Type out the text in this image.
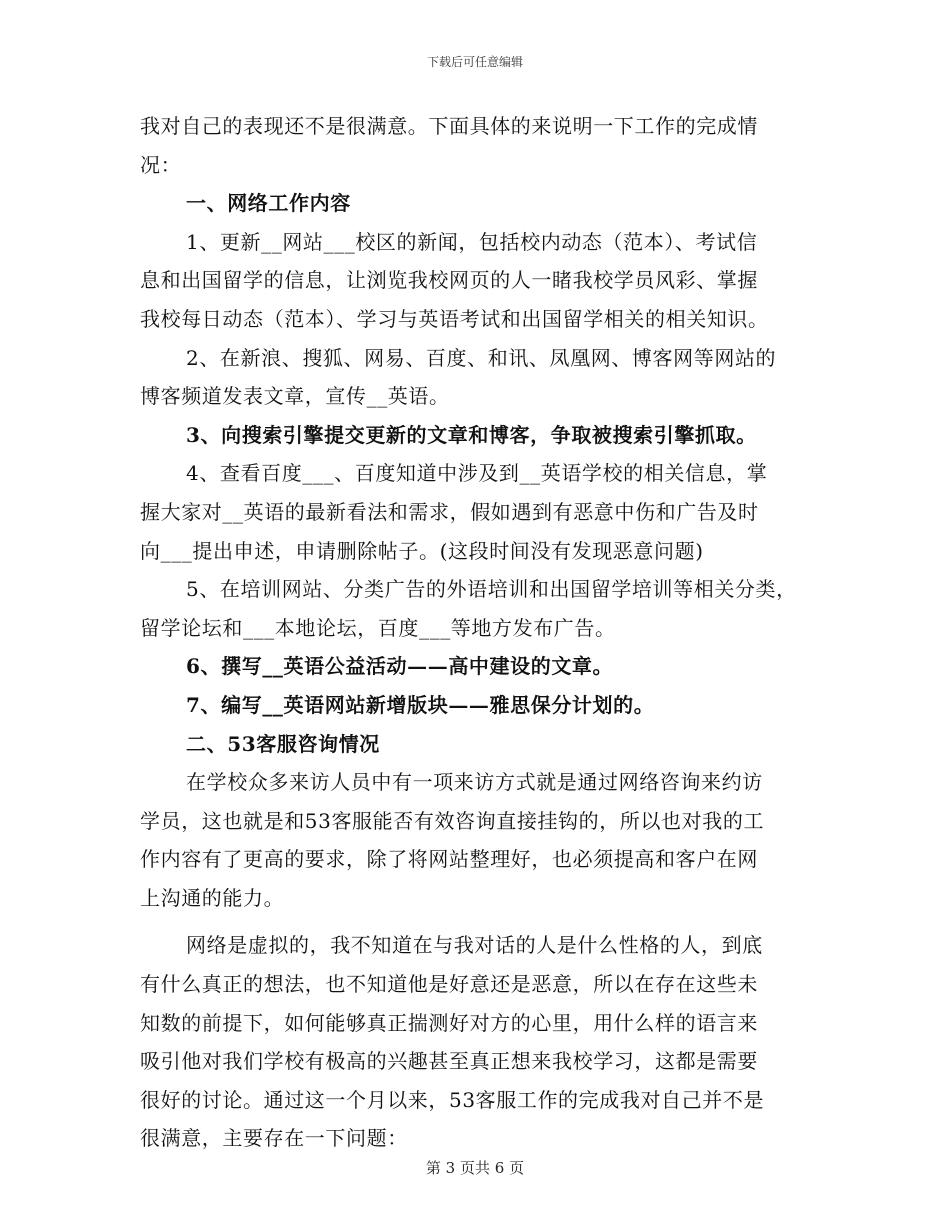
下载后可任意编辑
我对自己的表现还不是很满意。下面具体的来说明一下工作的完成情
况：
一、网络工作内容
1、更新__网站___校区的新闻，包括校内动态（范本）、考试信
息和出国留学的信息，让浏览我校网页的人一睹我校学员风彩、掌握
我校每日动态（范本）、学习与英语考试和出国留学相关的相关知识。
2、在新浪、搜狐、网易、百度、和讯、凤凰网、博客网等网站的
博客频道发表文章，宣传__英语。
3、向搜索引擎提交更新的文章和博客，争取被搜索引擎抓取。
4、查看百度___、百度知道中涉及到__英语学校的相关信息，掌
握大家对__英语的最新看法和需求，假如遇到有恶意中伤和广告及时
向___提出申述，申请删除帖子。(这段时间没有发现恶意问题)
5、在培训网站、分类广告的外语培训和出国留学培训等相关分类，
留学论坛和___本地论坛，百度___等地方发布广告。
6、撰写__英语公益活动——高中建设的文章。
7、编写__英语网站新增版块——雅思保分计划的。
二、53客服咨询情况
在学校众多来访人员中有一项来访方式就是通过网络咨询来约访
学员，这也就是和53客服能否有效咨询直接挂钩的，所以也对我的工
作内容有了更高的要求，除了将网站整理好，也必须提高和客户在网
上沟通的能力。
网络是虚拟的，我不知道在与我对话的人是什么性格的人，到底
有什么真正的想法，也不知道他是好意还是恶意，所以在存在这些未
知数的前提下，如何能够真正揣测好对方的心里，用什么样的语言来
吸引他对我们学校有极高的兴趣甚至真正想来我校学习，这都是需要
很好的讨论。通过这一个月以来，53客服工作的完成我对自己并不是
很满意，主要存在一下问题：
第 3 页共 6 页
